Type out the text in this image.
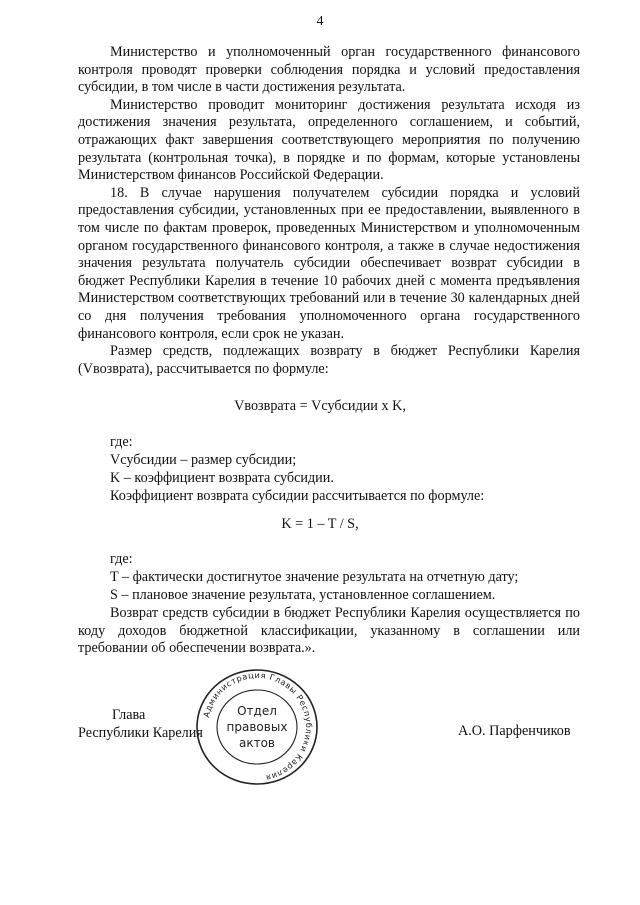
4

Министерство и уполномоченный орган государственного финансового контроля проводят проверки соблюдения порядка и условий предоставления субсидии, в том числе в части достижения результата.

Министерство проводит мониторинг достижения результата исходя из достижения значения результата, определенного соглашением, и событий, отражающих факт завершения соответствующего мероприятия по получению результата (контрольная точка), в порядке и по формам, которые установлены Министерством финансов Российской Федерации.

18. В случае нарушения получателем субсидии порядка и условий предоставления субсидии, установленных при ее предоставлении, выявленного в том числе по фактам проверок, проведенных Министерством и уполномоченным органом государственного финансового контроля, а также в случае недостижения значения результата получатель субсидии обеспечивает возврат субсидии в бюджет Республики Карелия в течение 10 рабочих дней с момента предъявления Министерством соответствующих требований или в течение 30 календарных дней со дня получения требования уполномоченного органа государственного финансового контроля, если срок не указан.

Размер средств, подлежащих возврату в бюджет Республики Карелия (Vвозврата), рассчитывается по формуле:

Vвозврата = Vсубсидии x K,
где:
Vсубсидии – размер субсидии;
K – коэффициент возврата субсидии.
Коэффициент возврата субсидии рассчитывается по формуле:
K = 1 – T / S,
где:
T – фактически достигнутое значение результата на отчетную дату;
S – плановое значение результата, установленное соглашением.

Возврат средств субсидии в бюджет Республики Карелия осуществляется по коду доходов бюджетной классификации, указанному в соглашении или требовании об обеспечении возврата.».

Глава
Республики Карелия
Администрация Главы Республики Карелия
Отдел
правовых
актов
А.О. Парфенчиков
